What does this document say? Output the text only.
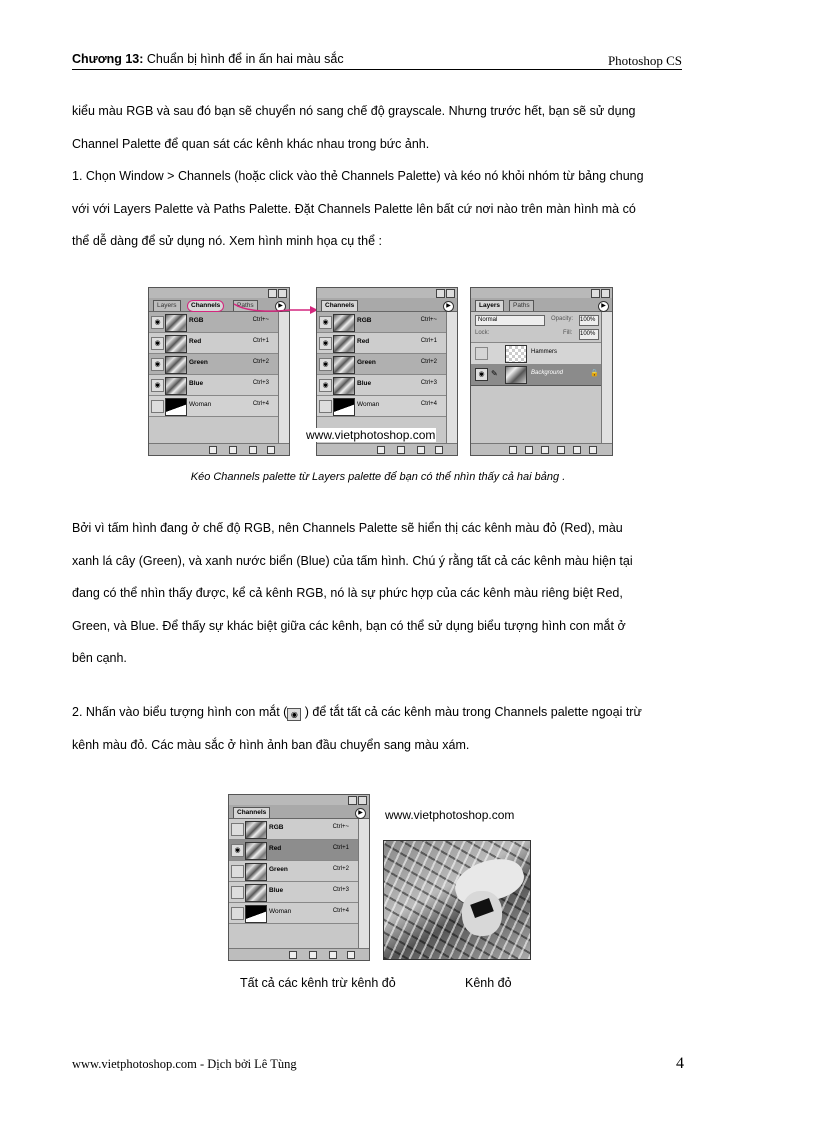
Chương 13: Chuẩn bị hình để in ấn hai màu sắc	Photoshop CS
kiểu màu RGB và sau đó bạn sẽ chuyển nó sang chế độ grayscale. Nhưng trước hết, bạn sẽ sử dụng
Channel Palette để quan sát các kênh khác nhau trong bức ảnh.
1. Chọn Window > Channels (hoặc click vào thẻ Channels Palette) và kéo nó khỏi nhóm từ bảng chung
với với Layers Palette và Paths Palette. Đặt Channels Palette lên bất cứ nơi nào trên màn hình mà có
thể dễ dàng để sử dụng nó. Xem hình minh họa cụ thể :
Layers	Channels	Paths	▶
◉	RGB	Ctrl+~
◉	Red	Ctrl+1
◉	Green	Ctrl+2
◉	Blue	Ctrl+3
Woman	Ctrl+4
Channels	▶
◉	RGB	Ctrl+~
◉	Red	Ctrl+1
◉	Green	Ctrl+2
◉	Blue	Ctrl+3
Woman	Ctrl+4
www.vietphotoshop.com
Layers	Paths	▶
Normal	Opacity: 100%
Lock:	Fill: 100%
Hammers
◉ ✎	Background	🔒
Kéo Channels palette từ Layers palette để bạn có thể nhìn thấy cả hai bảng .
Bởi vì tấm hình đang ở chế độ RGB, nên Channels Palette sẽ hiển thị các kênh màu đỏ (Red), màu
xanh lá cây (Green), và xanh nước biển (Blue) của tấm hình. Chú ý rằng tất cả các kênh màu hiện tại
đang có thể nhìn thấy được, kể cả kênh RGB, nó là sự phức hợp của các kênh màu riêng biệt Red,
Green, và Blue. Để thấy sự khác biệt giữa các kênh, bạn có thể sử dụng biểu tượng hình con mắt ở
bên cạnh.
2. Nhấn vào biểu tượng hình con mắt ( ◉ ) để tắt tất cả các kênh màu trong Channels palette ngoại trừ
kênh màu đỏ. Các màu sắc ở hình ảnh ban đầu chuyển sang màu xám.
Channels	▶
RGB	Ctrl+~
◉	Red	Ctrl+1
Green	Ctrl+2
Blue	Ctrl+3
Woman	Ctrl+4
www.vietphotoshop.com
Tất cả các kênh trừ kênh đỏ	Kênh đỏ
www.vietphotoshop.com - Dịch bởi Lê Tùng	4
